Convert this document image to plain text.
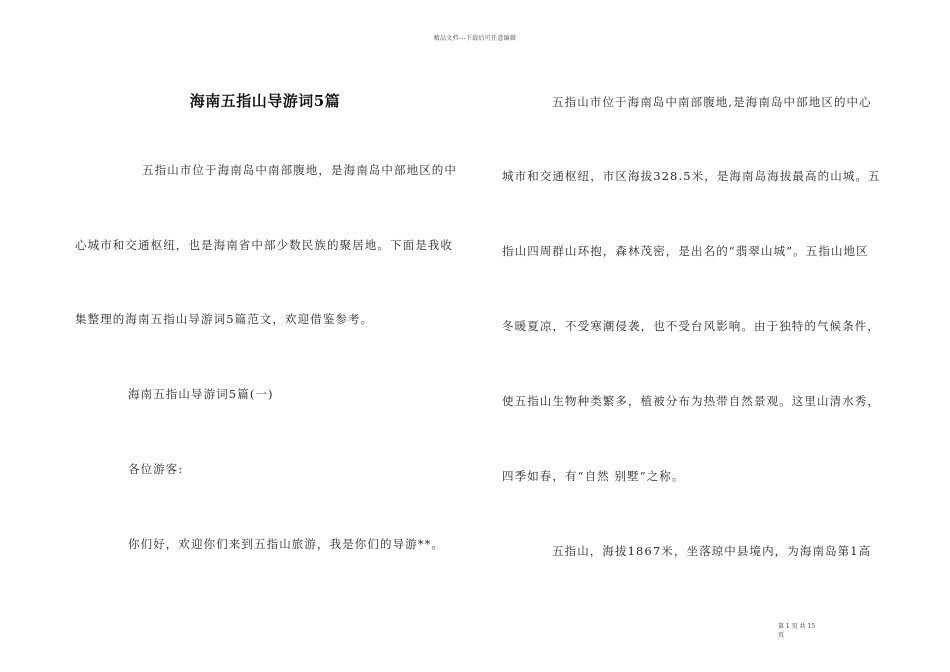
精品文档---下载后可任意编辑
海南五指山导游词5篇
五指山市位于海南岛中南部腹地，是海南岛中部地区的中
心城市和交通枢纽，也是海南省中部少数民族的聚居地。下面是我收
集整理的海南五指山导游词5篇范文，欢迎借鉴参考。
海南五指山导游词5篇(一)
各位游客:
你们好，欢迎你们来到五指山旅游，我是你们的导游**。
五指山市位于海南岛中南部腹地,是海南岛中部地区的中心
城市和交通枢纽，市区海拔328.5米，是海南岛海拔最高的山城。五
指山四周群山环抱，森林茂密，是出名的“翡翠山城”。五指山地区
冬暖夏凉，不受寒潮侵袭，也不受台风影响。由于独特的气候条件，
使五指山生物种类繁多，植被分布为热带自然景观。这里山清水秀，
四季如春，有“自然 别墅”之称。
五指山，海拔1867米，坐落琼中县境内，为海南岛第1高
第 1 页 共 15
页
